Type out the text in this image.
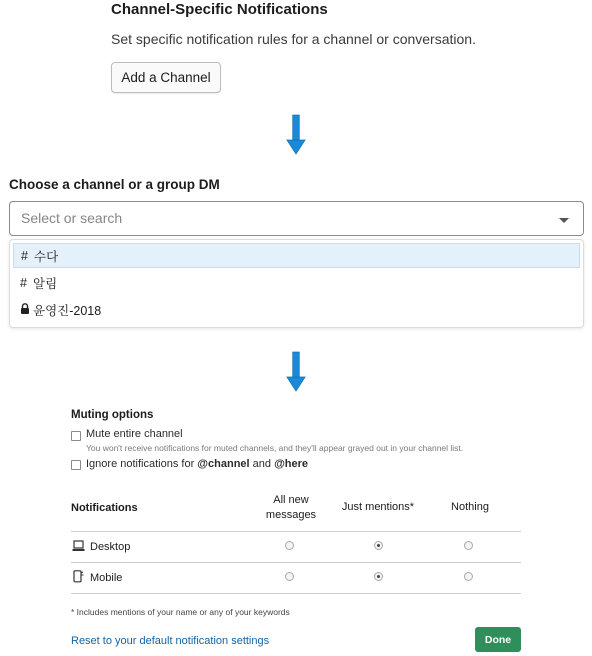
Channel-Specific Notifications
Set specific notification rules for a channel or conversation.
Add a Channel
Choose a channel or a group DM
Select or search
# 수다
# 알림
윤영진-2018
Muting options
Mute entire channel
You won't receive notifications for muted channels, and they'll appear grayed out in your channel list.
Ignore notifications for @channel and @here
Notifications
All new
messages
Just mentions*	Nothing
Desktop
Mobile
* Includes mentions of your name or any of your keywords
Reset to your default notification settings	Done
